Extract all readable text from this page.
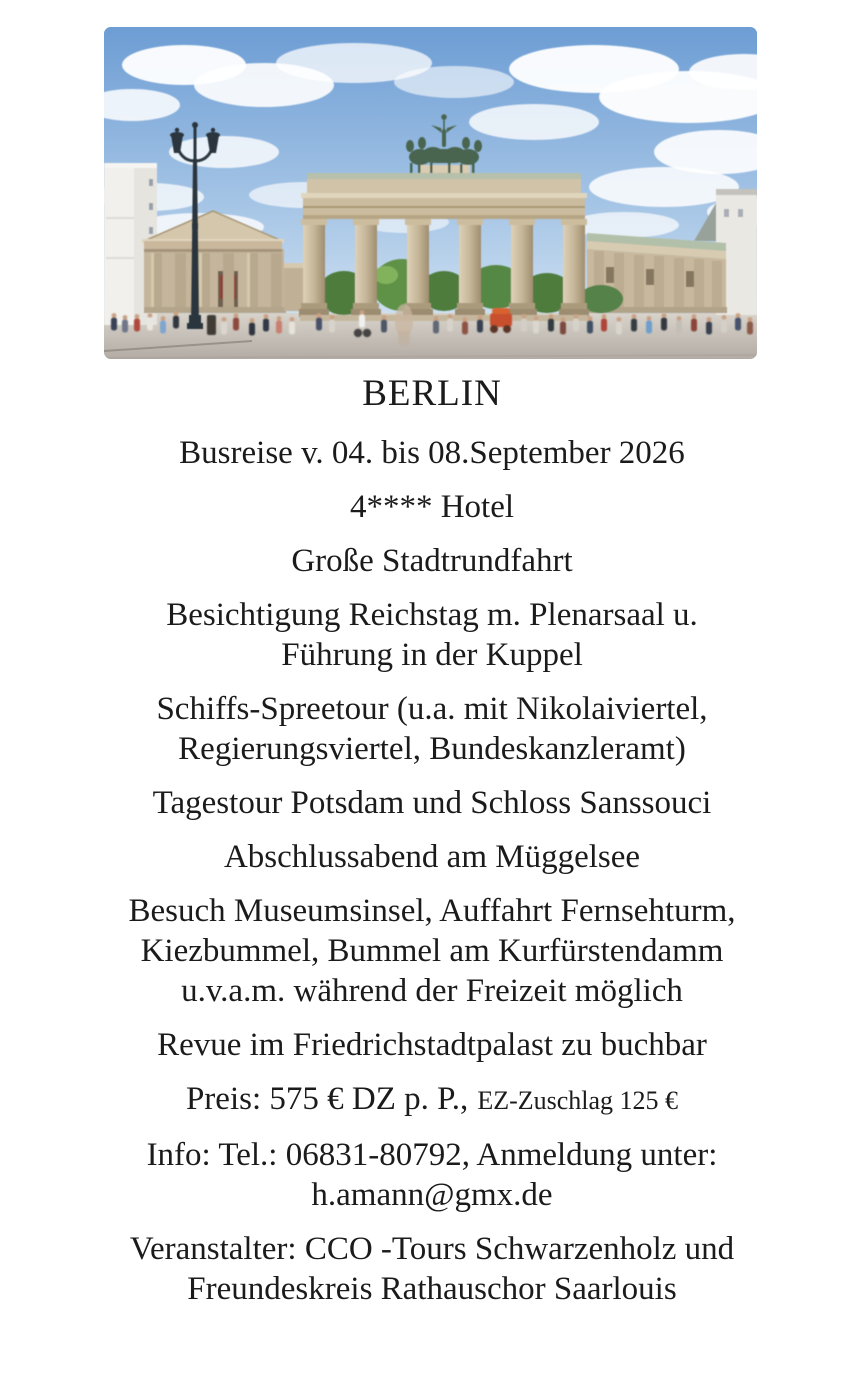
BERLIN

Busreise v. 04. bis 08.September 2026

4**** Hotel

Große Stadtrundfahrt

Besichtigung Reichstag m. Plenarsaal u.
Führung in der Kuppel

Schiffs-Spreetour (u.a. mit Nikolaiviertel,
Regierungsviertel, Bundeskanzleramt)

Tagestour Potsdam und Schloss Sanssouci

Abschlussabend am Müggelsee

Besuch Museumsinsel, Auffahrt Fernsehturm,
Kiezbummel, Bummel am Kurfürstendamm
u.v.a.m. während der Freizeit möglich

Revue im Friedrichstadtpalast zu buchbar

Preis: 575 € DZ p. P., EZ-Zuschlag 125 €

Info: Tel.: 06831-80792, Anmeldung unter:
h.amann@gmx.de

Veranstalter: CCO -Tours Schwarzenholz und
Freundeskreis Rathauschor Saarlouis
